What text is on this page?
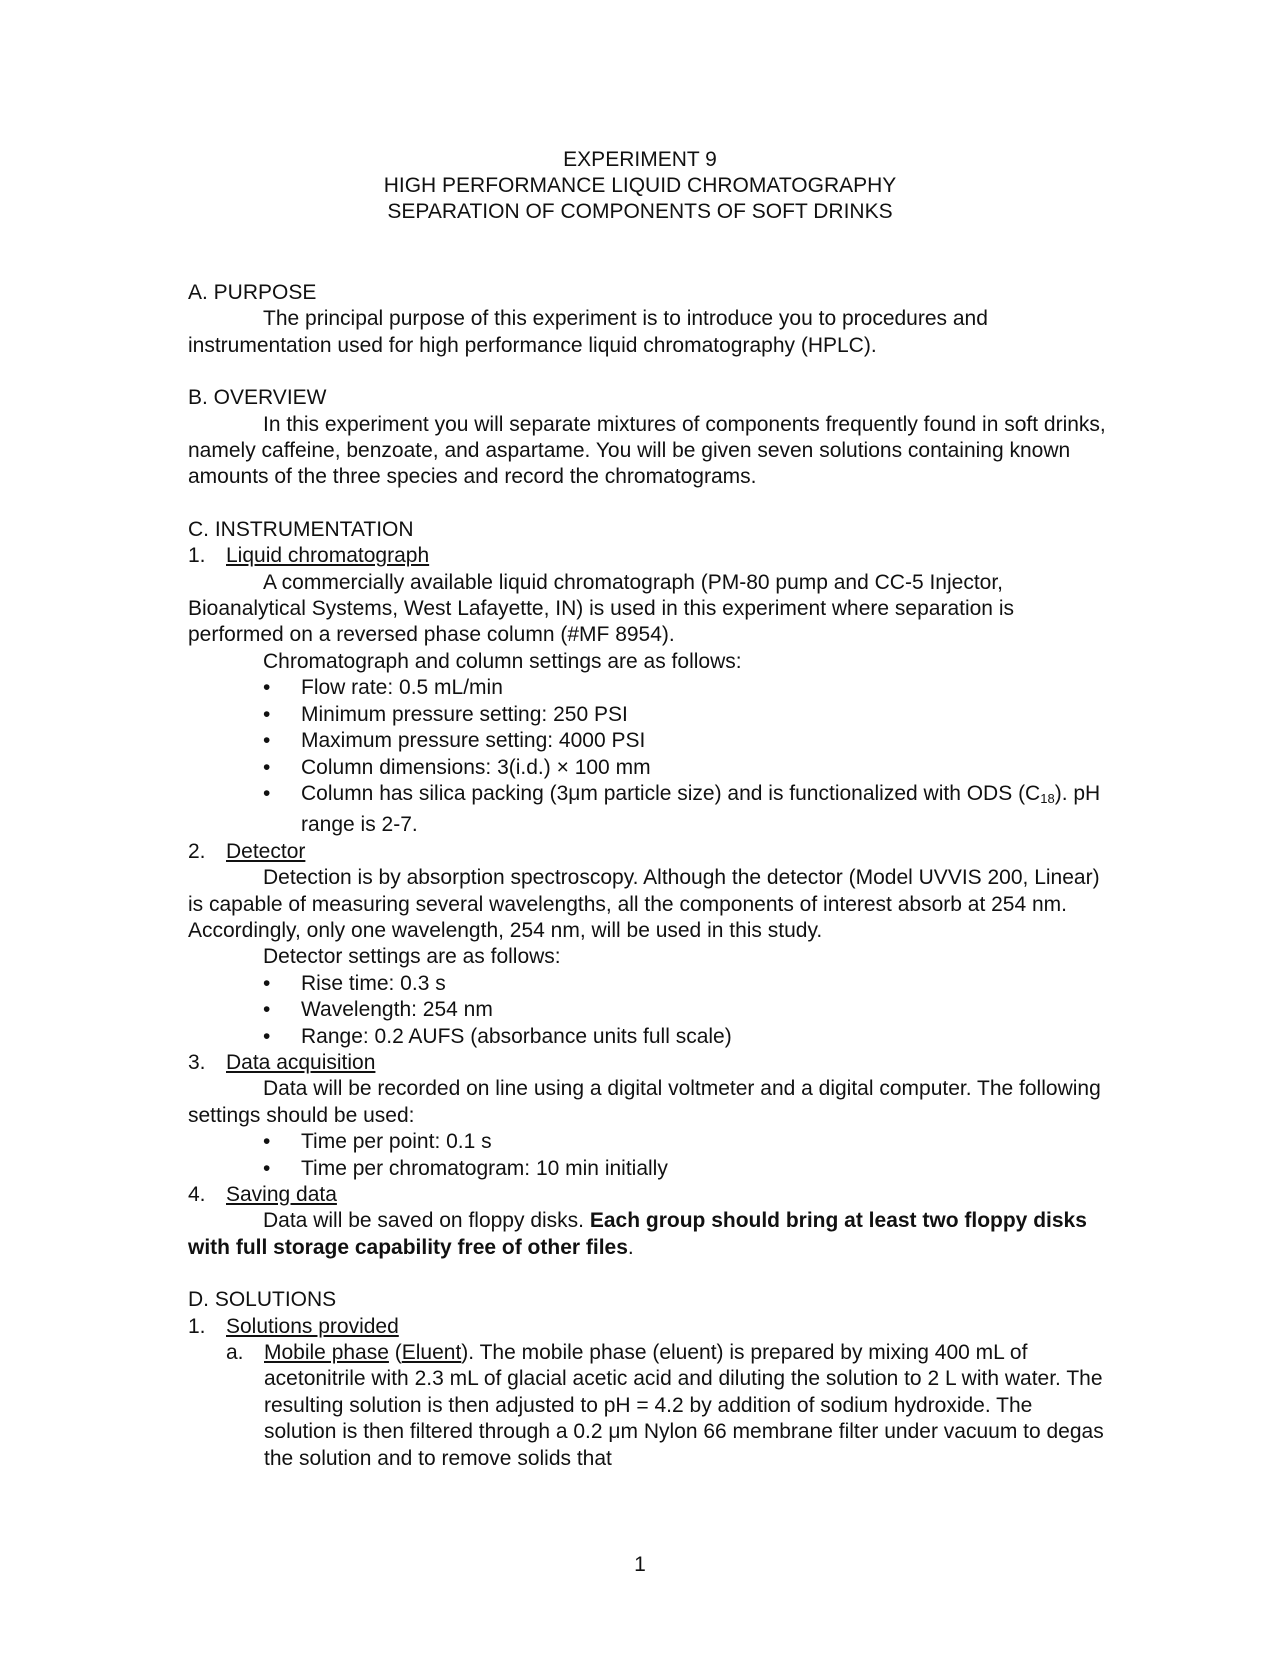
EXPERIMENT 9
HIGH PERFORMANCE LIQUID CHROMATOGRAPHY
SEPARATION OF COMPONENTS OF SOFT DRINKS

A. PURPOSE

The principal purpose of this experiment is to introduce you to procedures and instrumentation used for high performance liquid chromatography (HPLC).

B. OVERVIEW

In this experiment you will separate mixtures of components frequently found in soft drinks, namely caffeine, benzoate, and aspartame. You will be given seven solutions containing known amounts of the three species and record the chromatograms.

C. INSTRUMENTATION

1. Liquid chromatograph

A commercially available liquid chromatograph (PM-80 pump and CC-5 Injector, Bioanalytical Systems, West Lafayette, IN) is used in this experiment where separation is performed on a reversed phase column (#MF 8954).

Chromatograph and column settings are as follows:

•	Flow rate: 0.5 mL/min
•	Minimum pressure setting: 250 PSI
•	Maximum pressure setting: 4000 PSI
•	Column dimensions: 3(i.d.) × 100 mm
•	Column has silica packing (3μm particle size) and is functionalized with ODS $(C_{18})$. pH range is 2-7.
2. Detector

Detection is by absorption spectroscopy. Although the detector (Model UVVIS 200, Linear) is capable of measuring several wavelengths, all the components of interest absorb at 254 nm. Accordingly, only one wavelength, 254 nm, will be used in this study.

Detector settings are as follows:

•	Rise time: 0.3 s
•	Wavelength: 254 nm
•	Range: 0.2 AUFS (absorbance units full scale)
3. Data acquisition

Data will be recorded on line using a digital voltmeter and a digital computer. The following settings should be used:

•	Time per point: 0.1 s
•	Time per chromatogram: 10 min initially
4. Saving data

Data will be saved on floppy disks. Each group should bring at least two floppy disks with full storage capability free of other files.

D. SOLUTIONS

1. Solutions provided
a. Mobile phase (Eluent). The mobile phase (eluent) is prepared by mixing 400 mL of acetonitrile with 2.3 mL of glacial acetic acid and diluting the solution to 2 L with water. The resulting solution is then adjusted to pH = 4.2 by addition of sodium hydroxide. The solution is then filtered through a 0.2 μm Nylon 66 membrane filter under vacuum to degas the solution and to remove solids that
1
